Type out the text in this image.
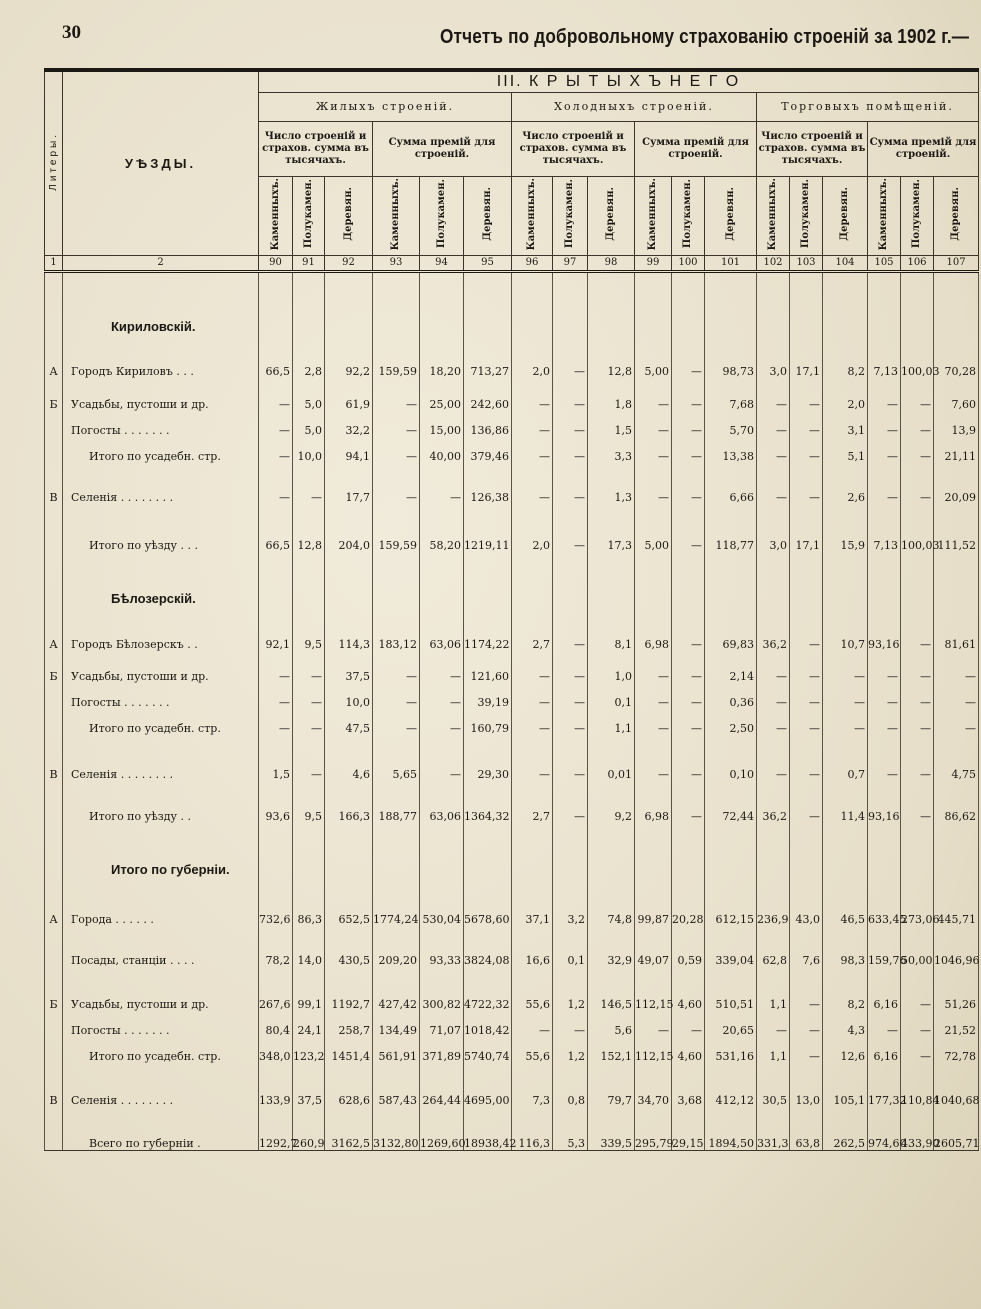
30	Отчетъ по добровольному страхованію строеній за 1902 г.—
Литеры.	УѢЗДЫ.	III. К Р Ы Т Ы Х Ъ Н Е Г О																	
		Жилыхъ строеній.						Холодныхъ строеній.						Торговыхъ помѣщеній.					
		Число строеній и страхов. сумма въ тысячахъ.			Сумма премій для строеній.			Число строеній и страхов. сумма въ тысячахъ.			Сумма премій для строеній.			Число строеній и страхов. сумма въ тысячахъ.			Сумма премій для строеній.		
		Каменныхъ.	Полукамен.	Деревян.	Каменныхъ.	Полукамен.	Деревян.	Каменныхъ.	Полукамен.	Деревян.	Каменныхъ.	Полукамен.	Деревян.	Каменныхъ.	Полукамен.	Деревян.	Каменныхъ.	Полукамен.	Деревян.
1	2	90	91	92	93	94	95	96	97	98	99	100	101	102	103	104	105	106	107
	Кириловскій.																		
А	Городъ Кириловъ . . .	66,5	2,8	92,2	159,59	18,20	713,27	2,0	—	12,8	5,00	—	98,73	3,0	17,1	8,2	7,13	100,03	70,28
Б	Усадьбы, пустоши и др.	—	5,0	61,9	—	25,00	242,60	—	—	1,8	—	—	7,68	—	—	2,0	—	—	7,60
	Погосты . . . . . . .	—	5,0	32,2	—	15,00	136,86	—	—	1,5	—	—	5,70	—	—	3,1	—	—	13,9
	Итого по усадебн. стр.	—	10,0	94,1	—	40,00	379,46	—	—	3,3	—	—	13,38	—	—	5,1	—	—	21,11
В	Селенія . . . . . . . .	—	—	17,7	—	—	126,38	—	—	1,3	—	—	6,66	—	—	2,6	—	—	20,09
	Итого по уѣзду . . .	66,5	12,8	204,0	159,59	58,20	1219,11	2,0	—	17,3	5,00	—	118,77	3,0	17,1	15,9	7,13	100,03	111,52
	Бѣлозерскій.																		
А	Городъ Бѣлозерскъ . .	92,1	9,5	114,3	183,12	63,06	1174,22	2,7	—	8,1	6,98	—	69,83	36,2	—	10,7	93,16	—	81,61
Б	Усадьбы, пустоши и др.	—	—	37,5	—	—	121,60	—	—	1,0	—	—	2,14	—	—	—	—	—	—
	Погосты . . . . . . .	—	—	10,0	—	—	39,19	—	—	0,1	—	—	0,36	—	—	—	—	—	—
	Итого по усадебн. стр.	—	—	47,5	—	—	160,79	—	—	1,1	—	—	2,50	—	—	—	—	—	—
В	Селенія . . . . . . . .	1,5	—	4,6	5,65	—	29,30	—	—	0,01	—	—	0,10	—	—	0,7	—	—	4,75
	Итого по уѣзду . .	93,6	9,5	166,3	188,77	63,06	1364,32	2,7	—	9,2	6,98	—	72,44	36,2	—	11,4	93,16	—	86,62
	Итого по губерніи.																		
А	Города . . . . . .	732,6	86,3	652,5	1774,24	530,04	5678,60	37,1	3,2	74,8	99,87	20,28	612,15	236,9	43,0	46,5	633,45	273,06	445,71
	Посады, станціи . . . .	78,2	14,0	430,5	209,20	93,33	3824,08	16,6	0,1	32,9	49,07	0,59	339,04	62,8	7,6	98,3	159,76	50,00	1046,96
Б	Усадьбы, пустоши и др.	267,6	99,1	1192,7	427,42	300,82	4722,32	55,6	1,2	146,5	112,15	4,60	510,51	1,1	—	8,2	6,16	—	51,26
	Погосты . . . . . . .	80,4	24,1	258,7	134,49	71,07	1018,42	—	—	5,6	—	—	20,65	—	—	4,3	—	—	21,52
	Итого по усадебн. стр.	348,0	123,2	1451,4	561,91	371,89	5740,74	55,6	1,2	152,1	112,15	4,60	531,16	1,1	—	12,6	6,16	—	72,78
В	Селенія . . . . . . . .	133,9	37,5	628,6	587,43	264,44	4695,00	7,3	0,8	79,7	34,70	3,68	412,12	30,5	13,0	105,1	177,32	110,84	1040,68
	Всего по губерніи .	1292,7	260,9	3162,5	3132,80	1269,60	18938,42	116,3	5,3	339,5	295,79	29,15	1894,50	331,3	63,8	262,5	974,60	433,90	2605,71
